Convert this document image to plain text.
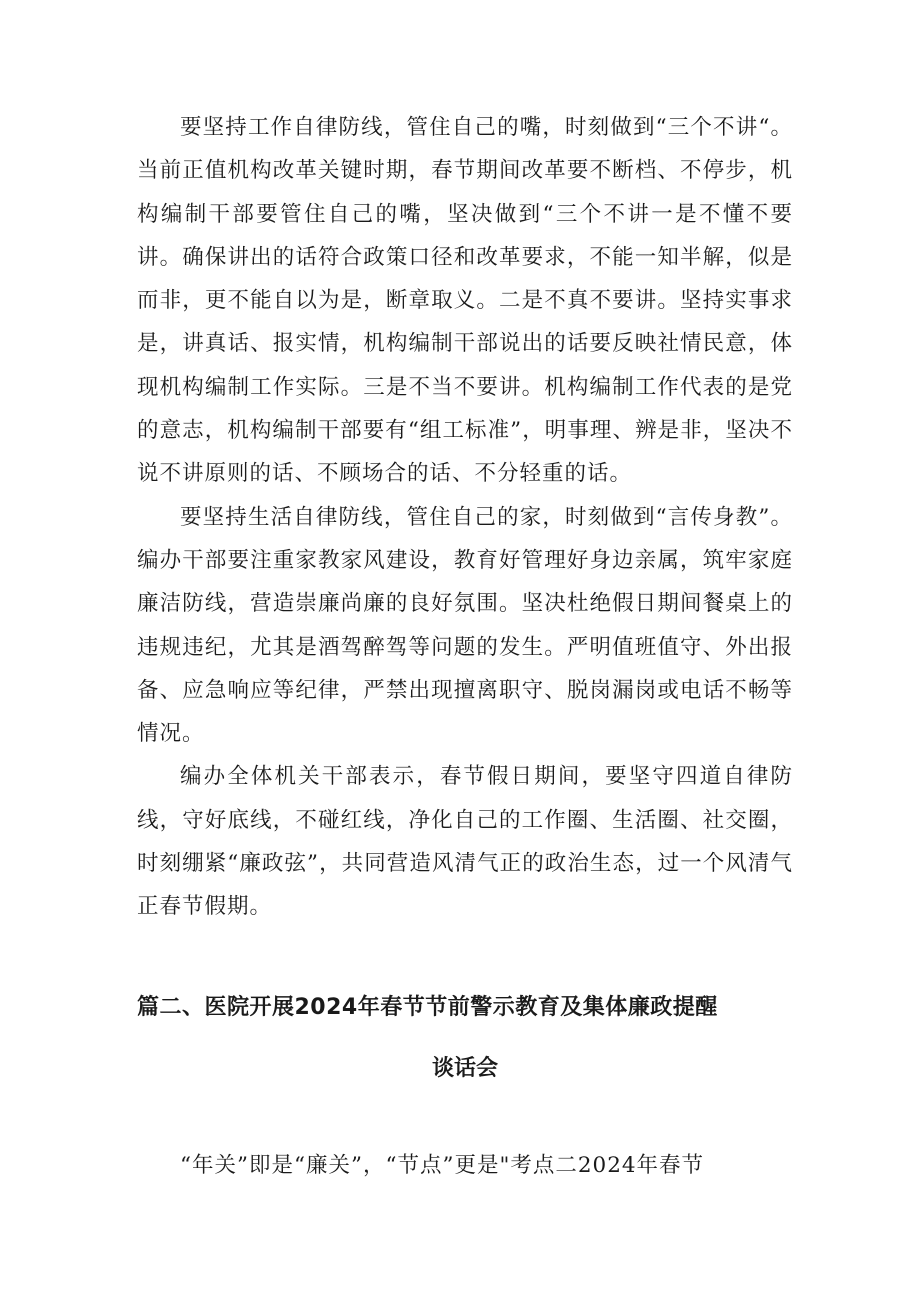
要坚持工作自律防线，管住自己的嘴，时刻做到“三个不讲“。当前正值机构改革关键时期，春节期间改革要不断档、不停步，机构编制干部要管住自己的嘴，坚决做到“三个不讲一是不懂不要讲。确保讲出的话符合政策口径和改革要求，不能一知半解，似是而非，更不能自以为是，断章取义。二是不真不要讲。坚持实事求是，讲真话、报实情，机构编制干部说出的话要反映社情民意，体现机构编制工作实际。三是不当不要讲。机构编制工作代表的是党的意志，机构编制干部要有“组工标准”，明事理、辨是非，坚决不说不讲原则的话、不顾场合的话、不分轻重的话。

要坚持生活自律防线，管住自己的家，时刻做到“言传身教”。编办干部要注重家教家风建设，教育好管理好身边亲属，筑牢家庭廉洁防线，营造崇廉尚廉的良好氛围。坚决杜绝假日期间餐桌上的违规违纪，尤其是酒驾醉驾等问题的发生。严明值班值守、外出报备、应急响应等纪律，严禁出现擅离职守、脱岗漏岗或电话不畅等情况。

编办全体机关干部表示，春节假日期间，要坚守四道自律防线，守好底线，不碰红线，净化自己的工作圈、生活圈、社交圈，时刻绷紧“廉政弦”，共同营造风清气正的政治生态，过一个风清气正春节假期。

篇二、医院开展2024年春节节前警示教育及集体廉政提醒
谈话会

“年关”即是“廉关”，“节点”更是"考点二2024年春节
